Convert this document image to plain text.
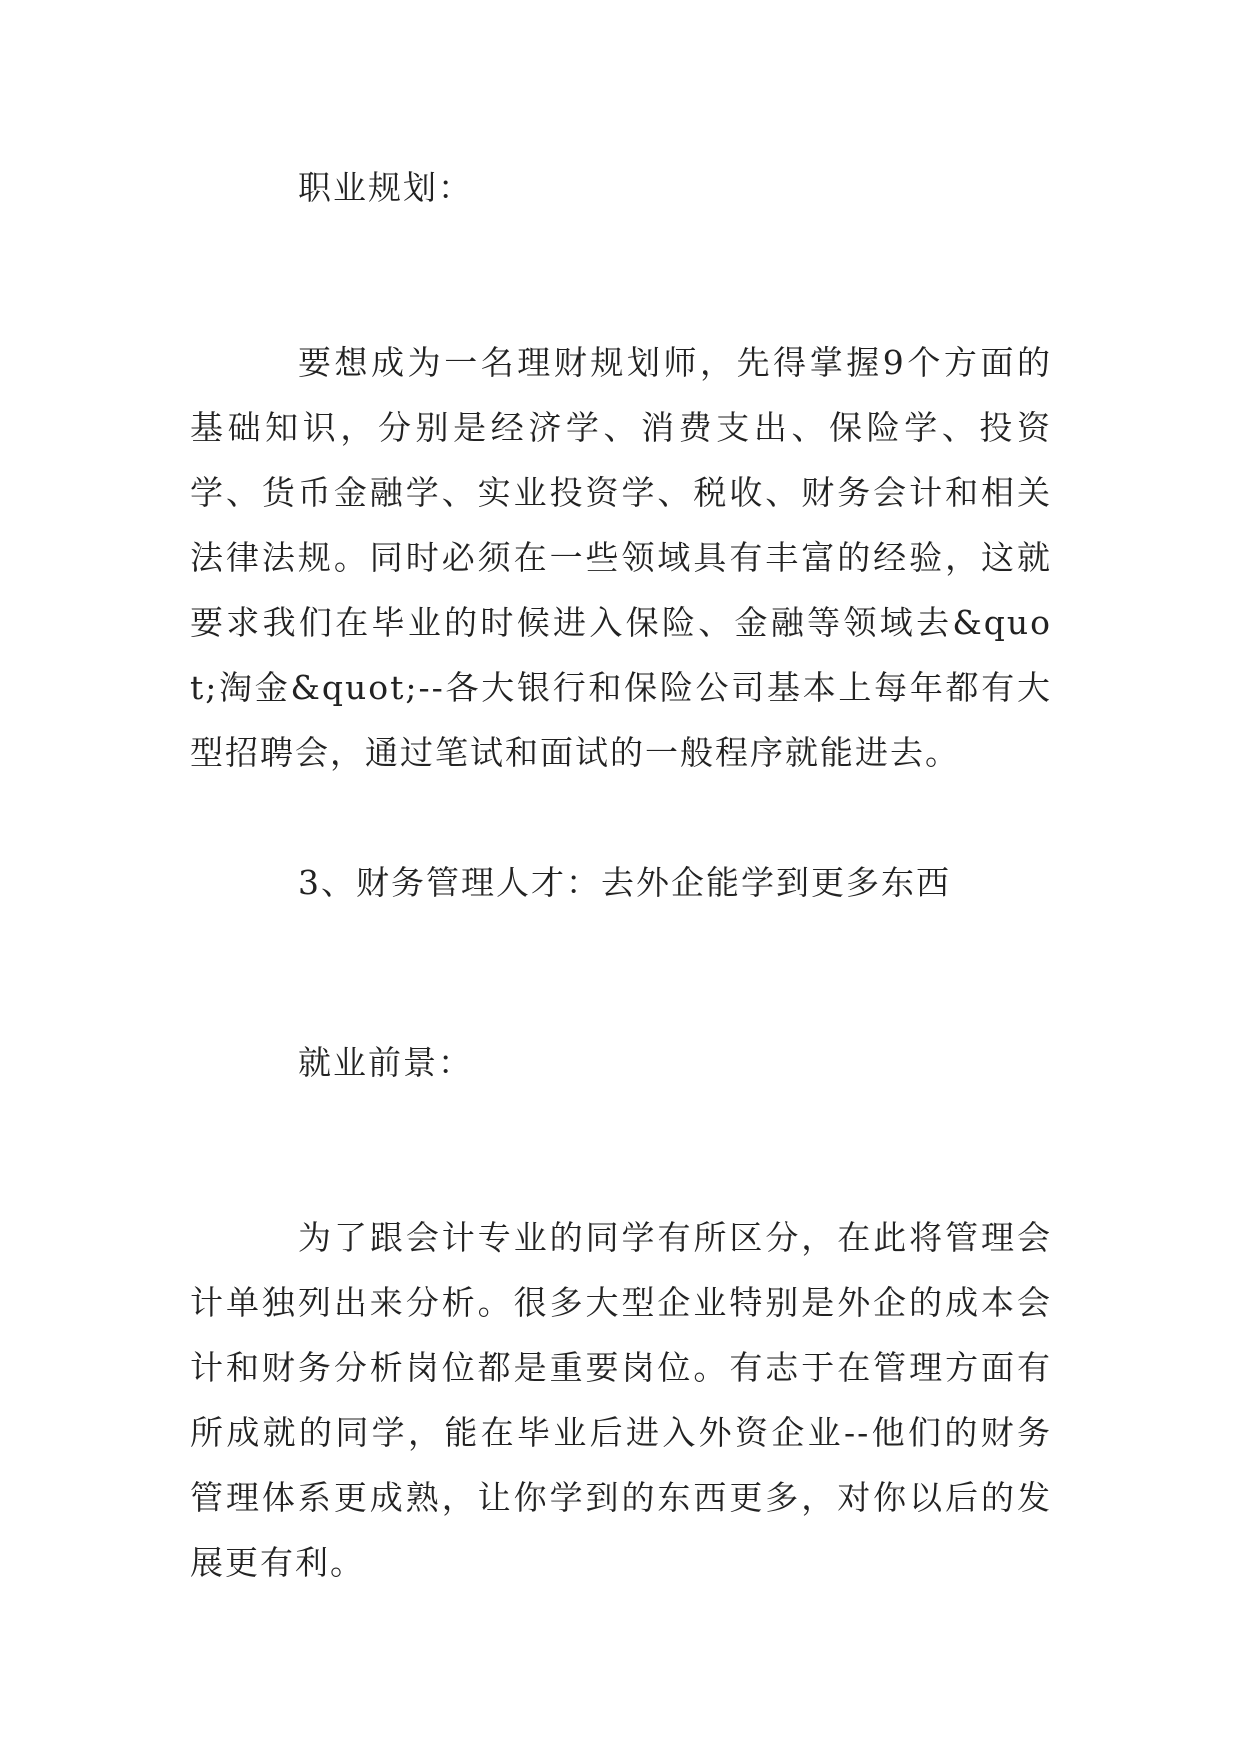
职业规划：

要想成为一名理财规划师，先得掌握9个方面的基础知识，分别是经济学、消费支出、保险学、投资学、货币金融学、实业投资学、税收、财务会计和相关法律法规。同时必须在一些领域具有丰富的经验，这就要求我们在毕业的时候进入保险、金融等领域去&quot;淘金&quot;--各大银行和保险公司基本上每年都有大型招聘会，通过笔试和面试的一般程序就能进去。

3、财务管理人才：去外企能学到更多东西

就业前景：

为了跟会计专业的同学有所区分，在此将管理会计单独列出来分析。很多大型企业特别是外企的成本会计和财务分析岗位都是重要岗位。有志于在管理方面有所成就的同学，能在毕业后进入外资企业--他们的财务管理体系更成熟，让你学到的东西更多，对你以后的发展更有利。
